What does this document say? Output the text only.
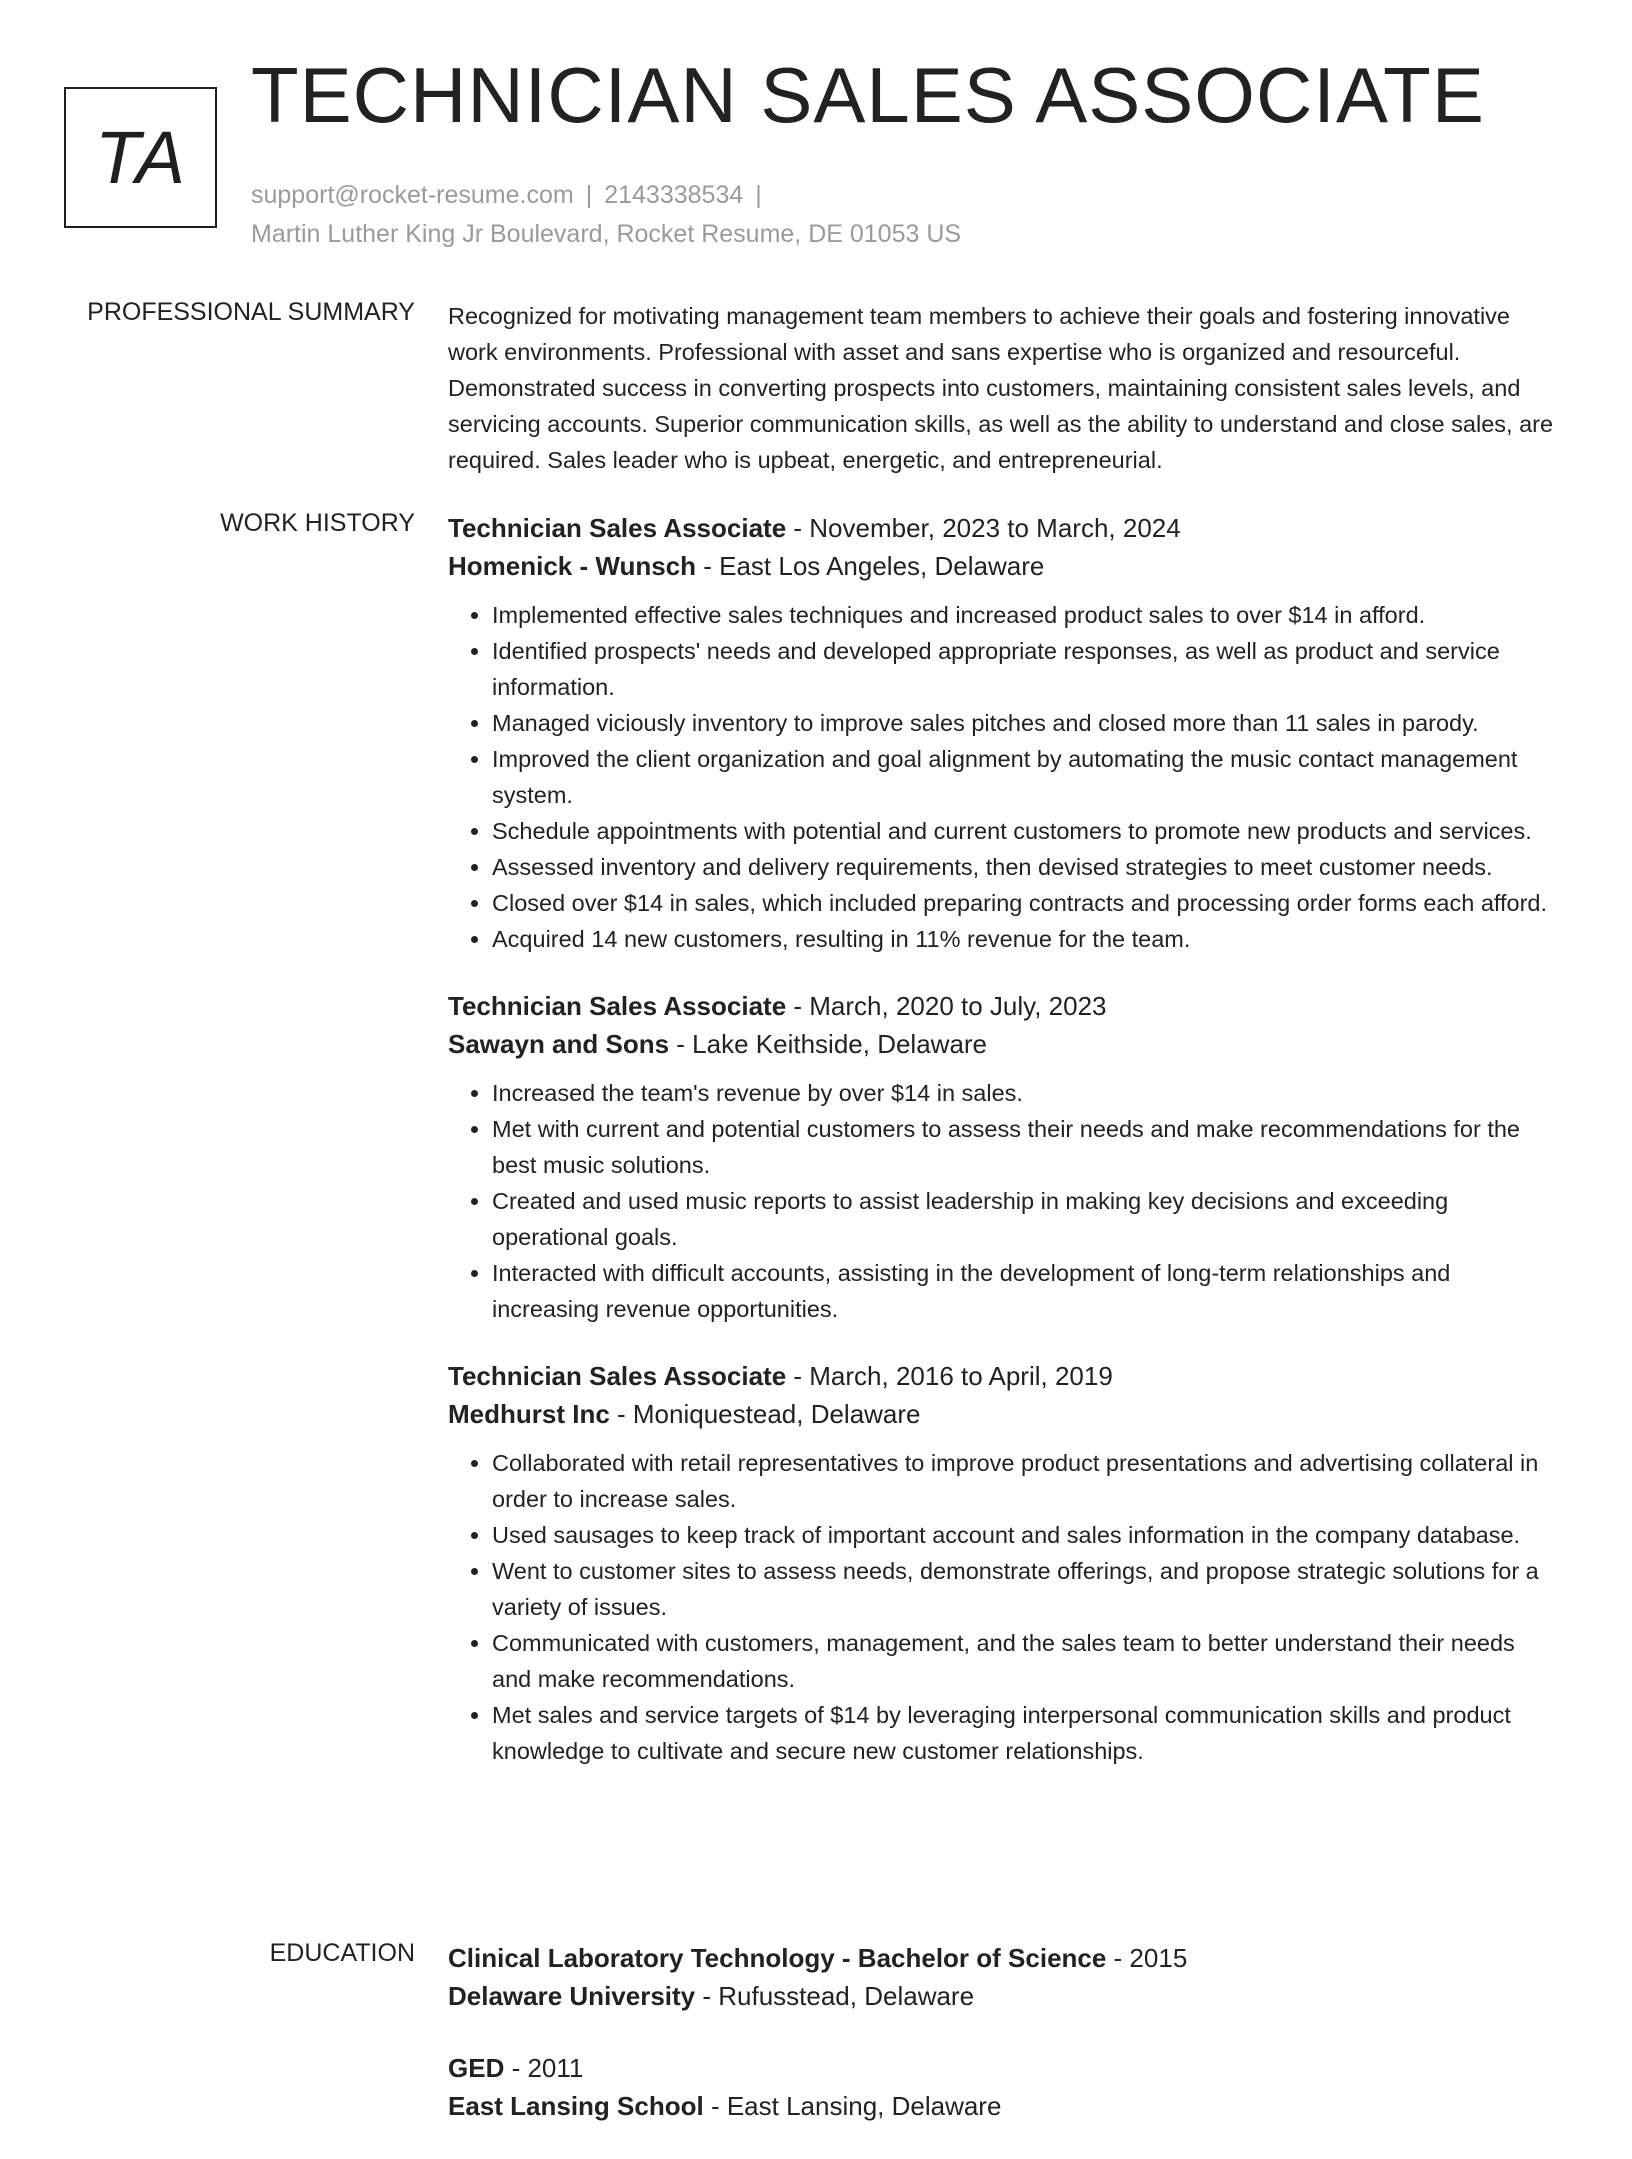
TA
TECHNICIAN SALES ASSOCIATE
support@rocket-resume.com | 2143338534 |
Martin Luther King Jr Boulevard, Rocket Resume, DE 01053 US
PROFESSIONAL SUMMARY Recognized for motivating management team members to achieve their goals and fostering innovative work environments. Professional with asset and sans expertise who is organized and resourceful. Demonstrated success in converting prospects into customers, maintaining consistent sales levels, and servicing accounts. Superior communication skills, as well as the ability to understand and close sales, are required. Sales leader who is upbeat, energetic, and entrepreneurial.

WORK HISTORY Technician Sales Associate - November, 2023 to March, 2024

Homenick - Wunsch - East Los Angeles, Delaware

• Implemented effective sales techniques and increased product sales to over $14 in afford.
• Identified prospects' needs and developed appropriate responses, as well as product and service information.
• Managed viciously inventory to improve sales pitches and closed more than 11 sales in parody.
• Improved the client organization and goal alignment by automating the music contact management system.
• Schedule appointments with potential and current customers to promote new products and services.
• Assessed inventory and delivery requirements, then devised strategies to meet customer needs.
• Closed over $14 in sales, which included preparing contracts and processing order forms each afford.
• Acquired 14 new customers, resulting in 11% revenue for the team.

Technician Sales Associate - March, 2020 to July, 2023

Sawayn and Sons - Lake Keithside, Delaware

• Increased the team's revenue by over $14 in sales.
• Met with current and potential customers to assess their needs and make recommendations for the best music solutions.
• Created and used music reports to assist leadership in making key decisions and exceeding operational goals.
• Interacted with difficult accounts, assisting in the development of long-term relationships and increasing revenue opportunities.

Technician Sales Associate - March, 2016 to April, 2019

Medhurst Inc - Moniquestead, Delaware

• Collaborated with retail representatives to improve product presentations and advertising collateral in order to increase sales.
• Used sausages to keep track of important account and sales information in the company database.
• Went to customer sites to assess needs, demonstrate offerings, and propose strategic solutions for a variety of issues.
• Communicated with customers, management, and the sales team to better understand their needs and make recommendations.
• Met sales and service targets of $14 by leveraging interpersonal communication skills and product knowledge to cultivate and secure new customer relationships.
EDUCATION Clinical Laboratory Technology - Bachelor of Science - 2015

Delaware University - Rufusstead, Delaware

GED - 2011

East Lansing School - East Lansing, Delaware
